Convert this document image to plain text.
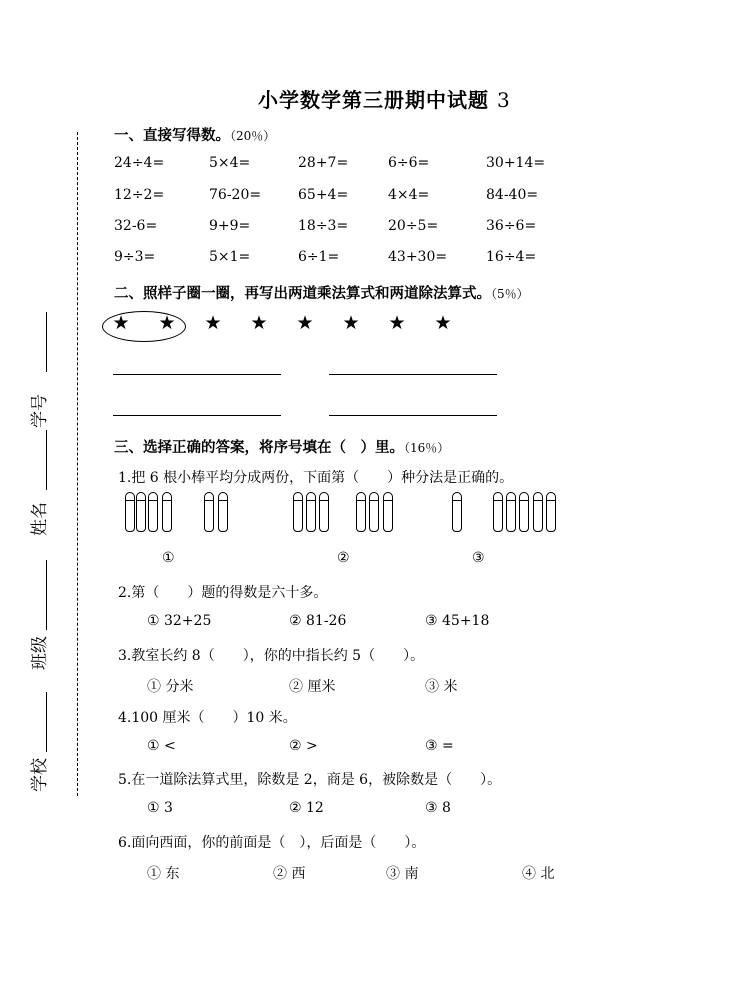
小学数学第三册期中试题 3
学号
姓名
班级
学校
一、直接写得数。（20％）
24÷4=	5×4=	28+7=	6÷6=	30+14=
12÷2=	76-20=	65+4=	4×4=	84-40=
32-6=	9+9=	18÷3=	20÷5=	36÷6=
9÷3=	5×1=	6÷1=	43+30=	16÷4=
二、照样子圈一圈，再写出两道乘法算式和两道除法算式。（5％）
★ ★ ★ ★ ★ ★ ★ ★
三、选择正确的答案，将序号填在（　）里。（16％）
1.把 6 根小棒平均分成两份，下面第（　　）种分法是正确的。
①	②	③
2.第（　　）题的得数是六十多。
① 32+25	② 81-26	③ 45+18
3.教室长约 8（　　），你的中指长约 5（　　）。
① 分米	② 厘米	③ 米
4.100 厘米（　　）10 米。
① <	② >	③ =
5.在一道除法算式里，除数是 2，商是 6，被除数是（　　）。
① 3	② 12	③ 8
6.面向西面，你的前面是（　），后面是（　　）。
① 东	② 西	③ 南	④ 北
